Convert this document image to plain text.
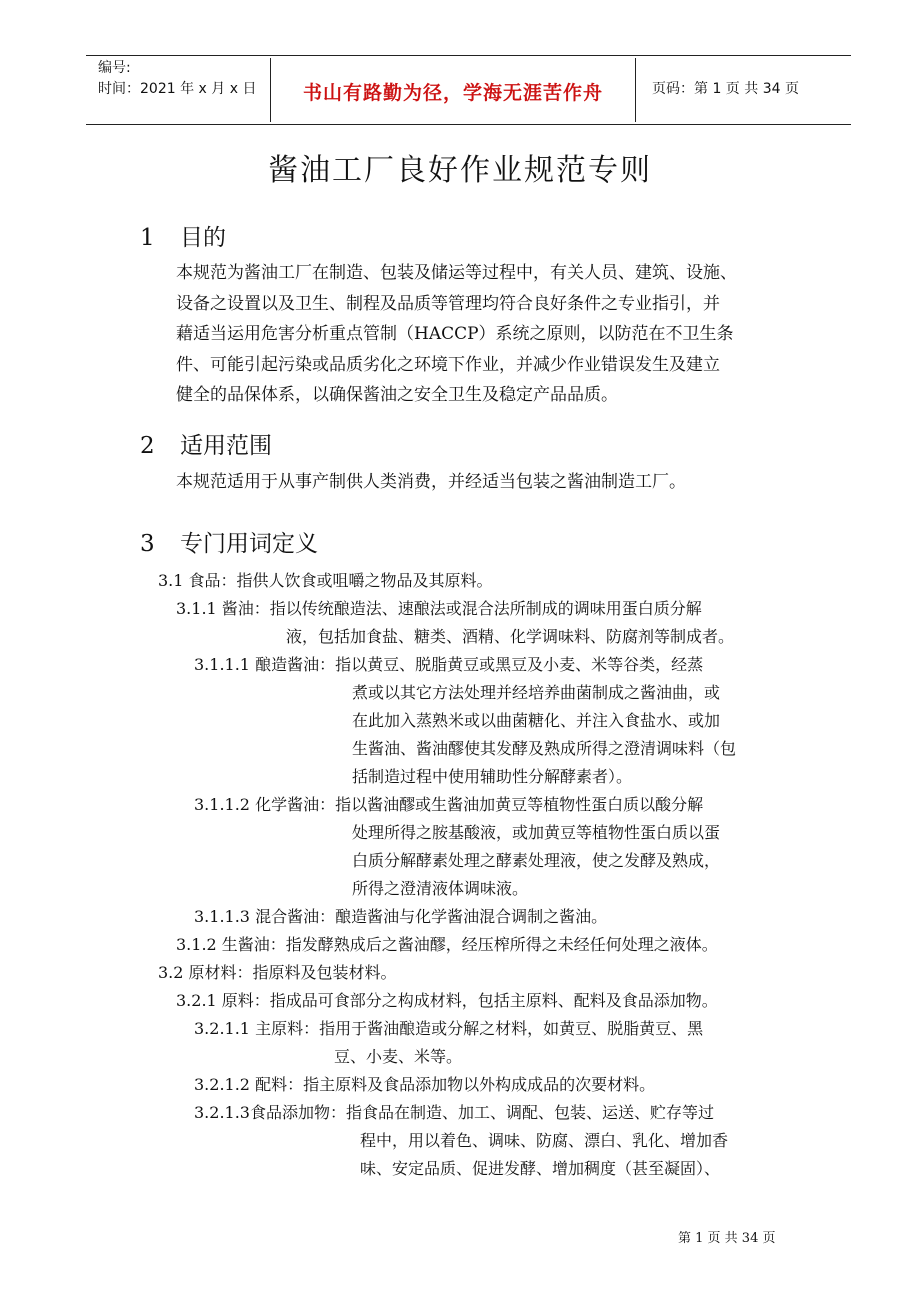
编号:
时间：2021 年 x 月 x 日	书山有路勤为径，学海无涯苦作舟	页码：第 1 页 共 34 页
酱油工厂良好作业规范专则
1 目的
本规范为酱油工厂在制造、包装及储运等过程中，有关人员、建筑、设施、
设备之设置以及卫生、制程及品质等管理均符合良好条件之专业指引，并
藉适当运用危害分析重点管制（HACCP）系统之原则，以防范在不卫生条
件、可能引起污染或品质劣化之环境下作业，并减少作业错误发生及建立
健全的品保体系，以确保酱油之安全卫生及稳定产品品质。
2 适用范围
本规范适用于从事产制供人类消费，并经适当包装之酱油制造工厂。
3 专门用词定义
3.1 食品：指供人饮食或咀嚼之物品及其原料。
3.1.1 酱油：指以传统酿造法、速酿法或混合法所制成的调味用蛋白质分解
液，包括加食盐、糖类、酒精、化学调味料、防腐剂等制成者。
3.1.1.1 酿造酱油：指以黄豆、脱脂黄豆或黑豆及小麦、米等谷类，经蒸
煮或以其它方法处理并经培养曲菌制成之酱油曲，或
在此加入蒸熟米或以曲菌糖化、并注入食盐水、或加
生酱油、酱油醪使其发酵及熟成所得之澄清调味料（包
括制造过程中使用辅助性分解酵素者）。
3.1.1.2 化学酱油：指以酱油醪或生酱油加黄豆等植物性蛋白质以酸分解
处理所得之胺基酸液，或加黄豆等植物性蛋白质以蛋
白质分解酵素处理之酵素处理液，使之发酵及熟成，
所得之澄清液体调味液。
3.1.1.3 混合酱油：酿造酱油与化学酱油混合调制之酱油。
3.1.2 生酱油：指发酵熟成后之酱油醪，经压榨所得之未经任何处理之液体。
3.2 原材料：指原料及包装材料。
3.2.1 原料：指成品可食部分之构成材料，包括主原料、配料及食品添加物。
3.2.1.1 主原料：指用于酱油酿造或分解之材料，如黄豆、脱脂黄豆、黑
豆、小麦、米等。
3.2.1.2 配料：指主原料及食品添加物以外构成成品的次要材料。
3.2.1.3食品添加物：指食品在制造、加工、调配、包装、运送、贮存等过
程中，用以着色、调味、防腐、漂白、乳化、增加香
味、安定品质、促进发酵、增加稠度（甚至凝固）、
第 1 页 共 34 页
